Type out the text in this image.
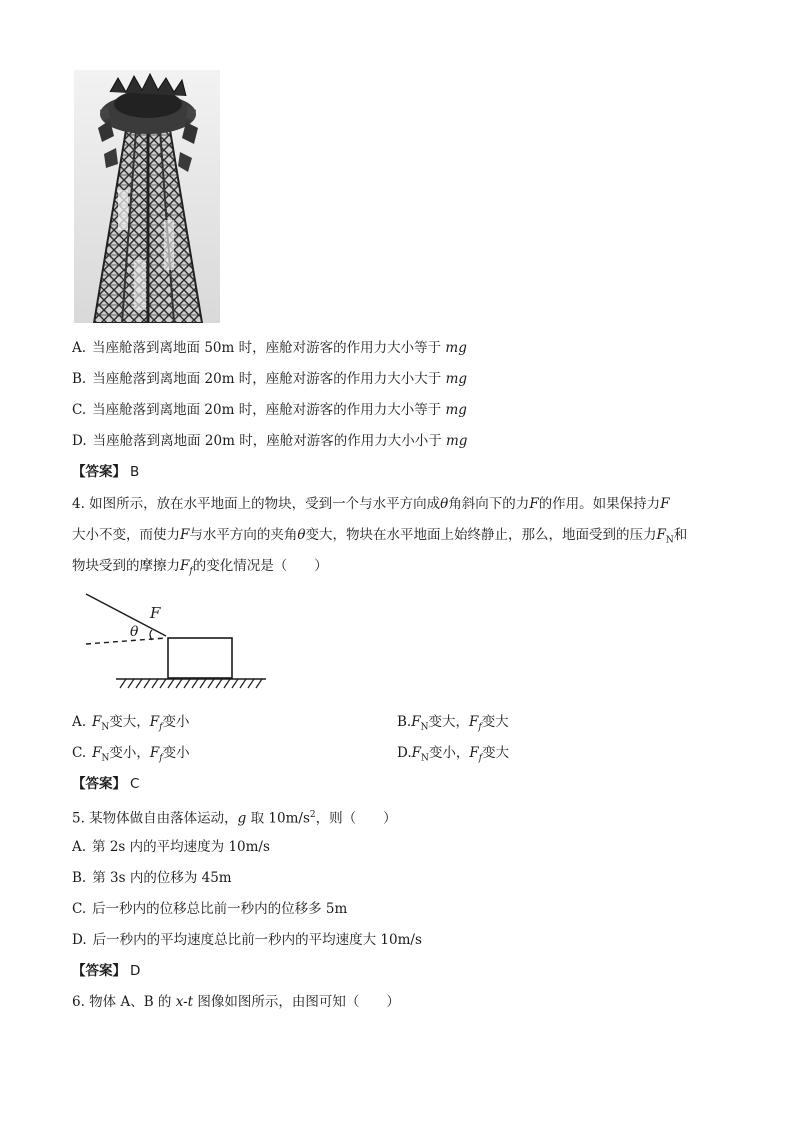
A. 当座舱落到离地面 50m 时，座舱对游客的作用力大小等于 mg
B. 当座舱落到离地面 20m 时，座舱对游客的作用力大小大于 mg
C. 当座舱落到离地面 20m 时，座舱对游客的作用力大小等于 mg
D. 当座舱落到离地面 20m 时，座舱对游客的作用力大小小于 mg
【答案】 B
4. 如图所示，放在水平地面上的物块，受到一个与水平方向成θ角斜向下的力F的作用。如果保持力F
大小不变，而使力F与水平方向的夹角θ变大，物块在水平地面上始终静止，那么，地面受到的压力$F_N$和
物块受到的摩擦力$F_f$的变化情况是（　　）
F
θ
A. $F_N$变大，$F_f$变小	$B.F_N$变大，$F_f$变大
C. $F_N$变小，$F_f$变小	$D.F_N$变小，$F_f$变大
【答案】 C
5. 某物体做自由落体运动，g 取 $10m/s^2$，则（　　）
A. 第 2s 内的平均速度为 10m/s
B. 第 3s 内的位移为 45m
C. 后一秒内的位移总比前一秒内的位移多 5m
D. 后一秒内的平均速度总比前一秒内的平均速度大 10m/s
【答案】 D
6. 物体 A、B 的 x-t 图像如图所示，由图可知（　　）
